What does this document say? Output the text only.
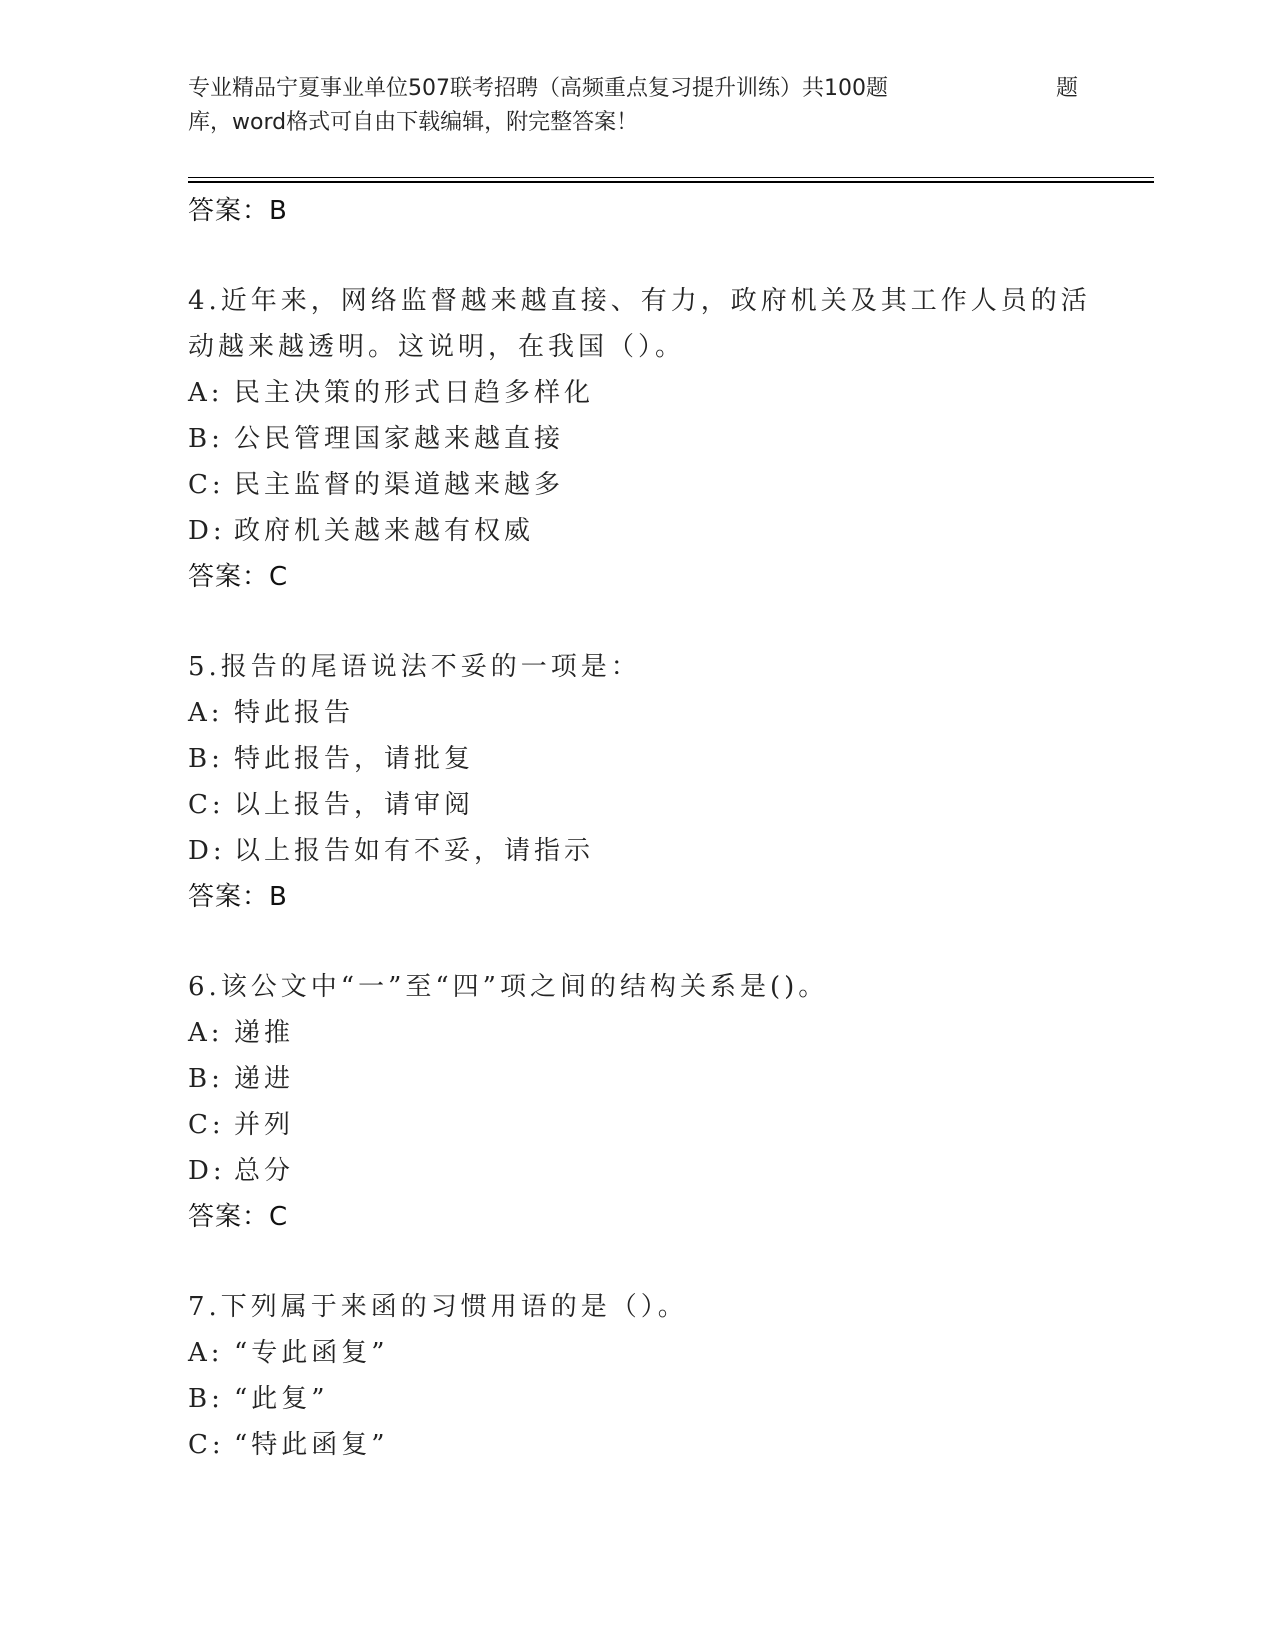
专业精品宁夏事业单位507联考招聘（高频重点复习提升训练）共100题	题
库，word格式可自由下载编辑，附完整答案！
答案：B
4.近年来，网络监督越来越直接、有力，政府机关及其工作人员的活
动越来越透明。这说明，在我国（）。
A: 民主决策的形式日趋多样化
B: 公民管理国家越来越直接
C: 民主监督的渠道越来越多
D: 政府机关越来越有权威
答案：C
5.报告的尾语说法不妥的一项是：
A: 特此报告
B: 特此报告，请批复
C: 以上报告，请审阅
D: 以上报告如有不妥，请指示
答案：B
6.该公文中“一”至“四”项之间的结构关系是()。
A: 递推
B: 递进
C: 并列
D: 总分
答案：C
7.下列属于来函的习惯用语的是（）。
A: “专此函复”
B: “此复”
C: “特此函复”
